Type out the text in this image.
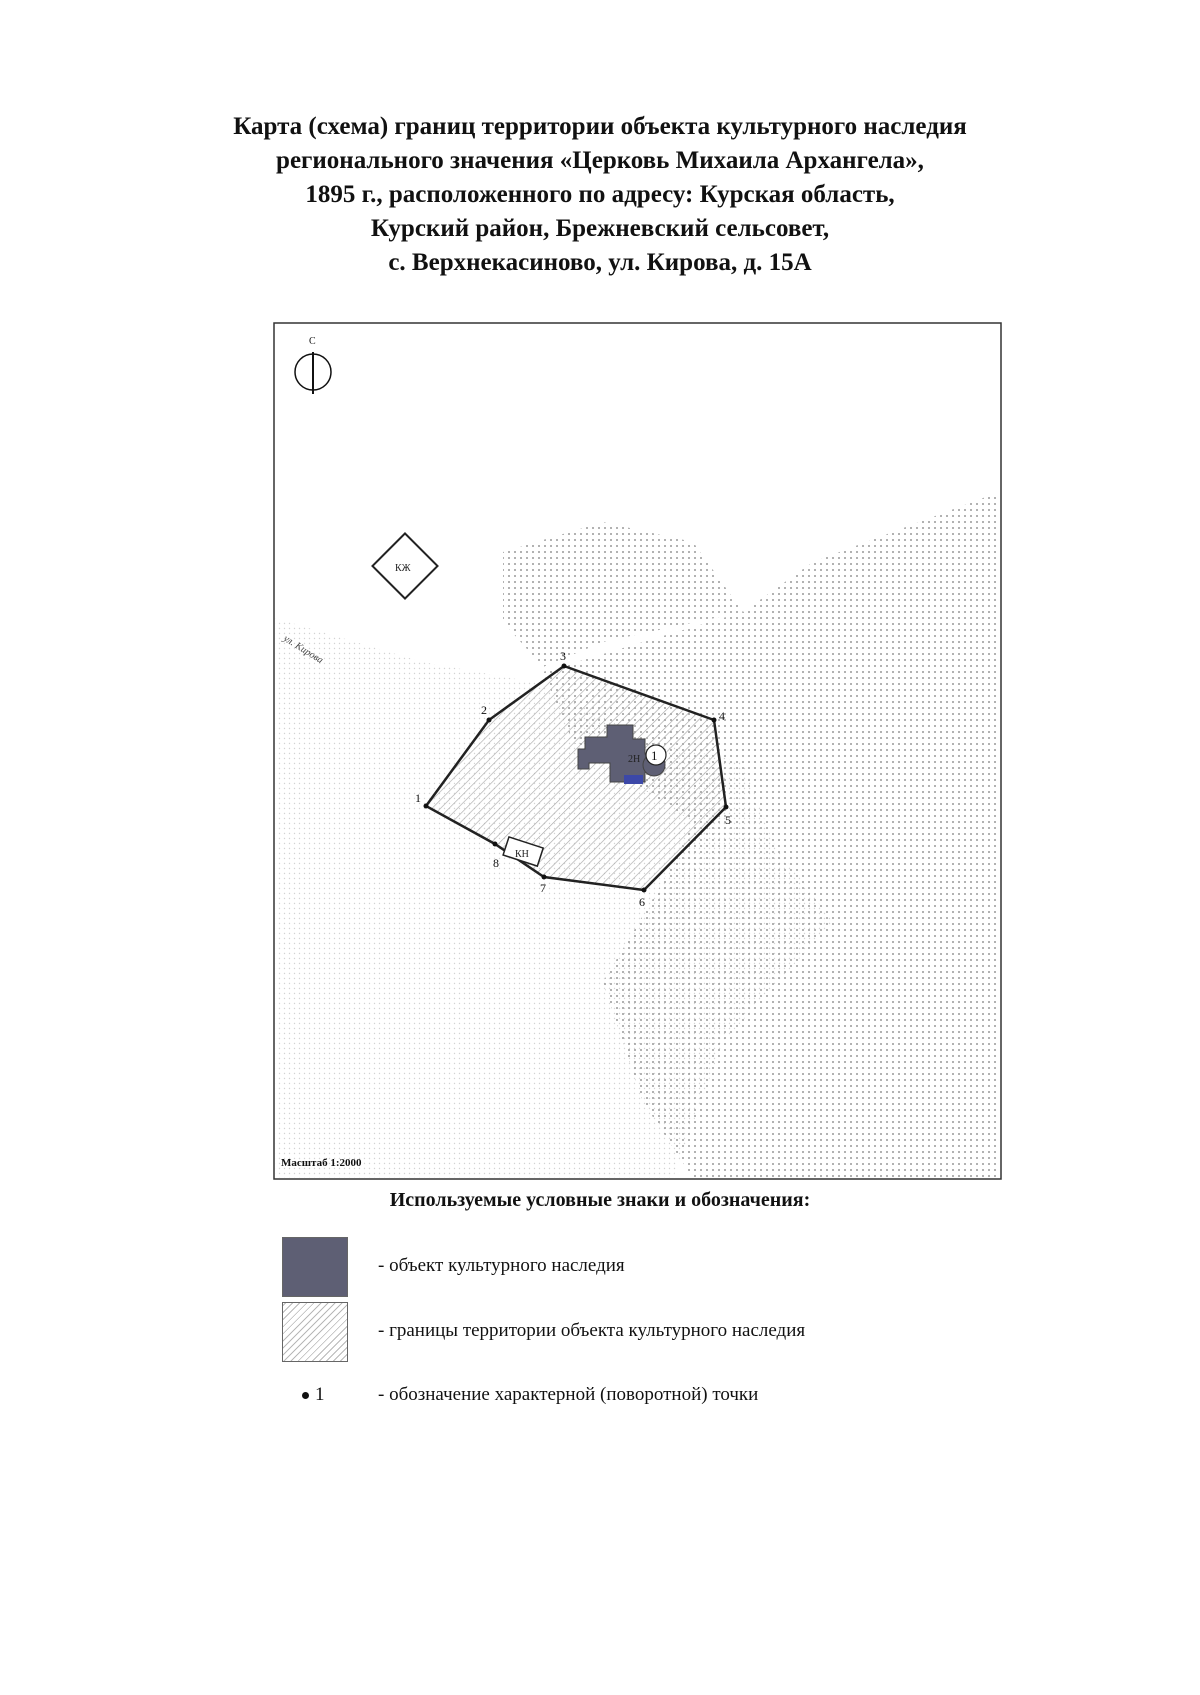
Карта (схема) границ территории объекта культурного наследия
регионального значения «Церковь Михаила Архангела»,
1895 г., расположенного по адресу: Курская область,
Курский район, Брежневский сельсовет,
с. Верхнекасиново, ул. Кирова, д. 15А
2Н 1
КЖ
КН
ул. Кирова
С
1
2
3
4
5
6
7
8
Масштаб 1:2000
Используемые условные знаки и обозначения:
- объект культурного наследия
- границы территории объекта культурного наследия
1	- обозначение характерной (поворотной) точки
